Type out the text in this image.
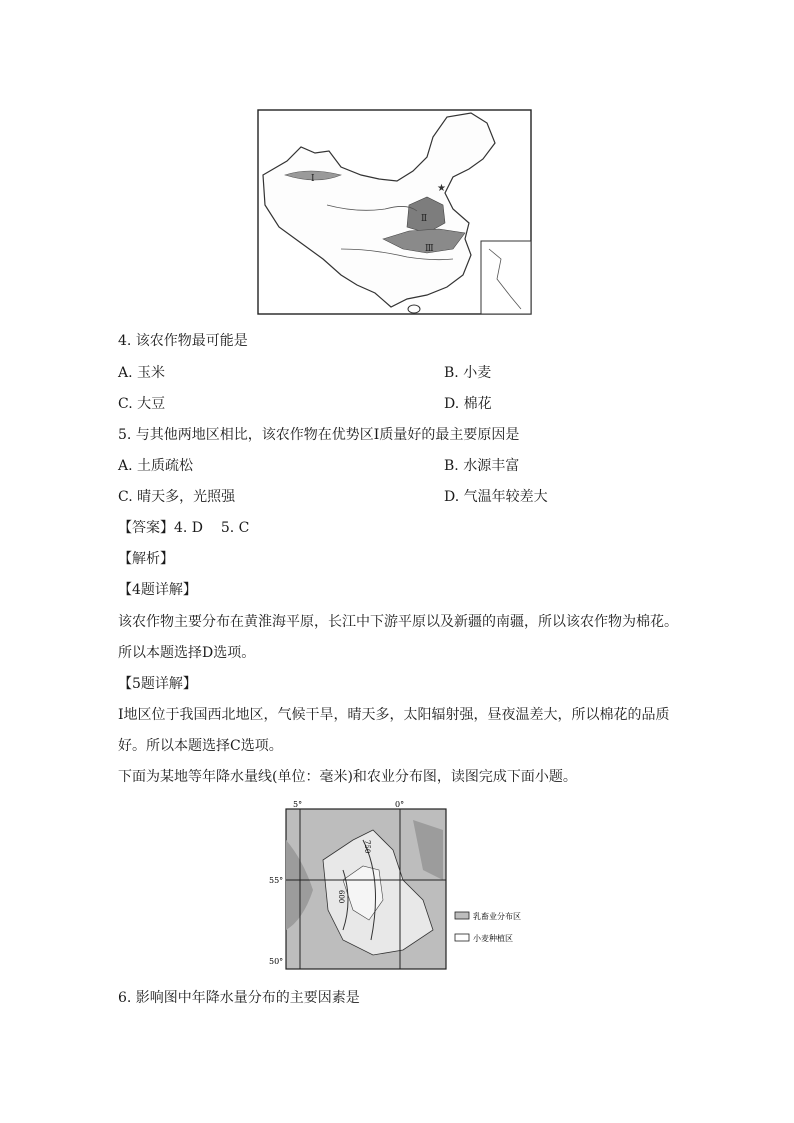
★
Ⅰ
Ⅱ
Ⅲ
4. 该农作物最可能是
A. 玉米	B. 小麦
C. 大豆	D. 棉花
5. 与其他两地区相比，该农作物在优势区Ⅰ质量好的最主要原因是
A. 土质疏松	B. 水源丰富
C. 晴天多，光照强	D. 气温年较差大
【答案】4. D    5. C
【解析】
【4题详解】
该农作物主要分布在黄淮海平原，长江中下游平原以及新疆的南疆，所以该农作物为棉花。
所以本题选择D选项。
【5题详解】
Ⅰ地区位于我国西北地区，气候干旱，晴天多，太阳辐射强，昼夜温差大，所以棉花的品质
好。所以本题选择C选项。
下面为某地等年降水量线(单位：毫米)和农业分布图，读图完成下面小题。
5°	0°
55°
50°
750
600
乳畜业分布区
小麦种植区
6. 影响图中年降水量分布的主要因素是
